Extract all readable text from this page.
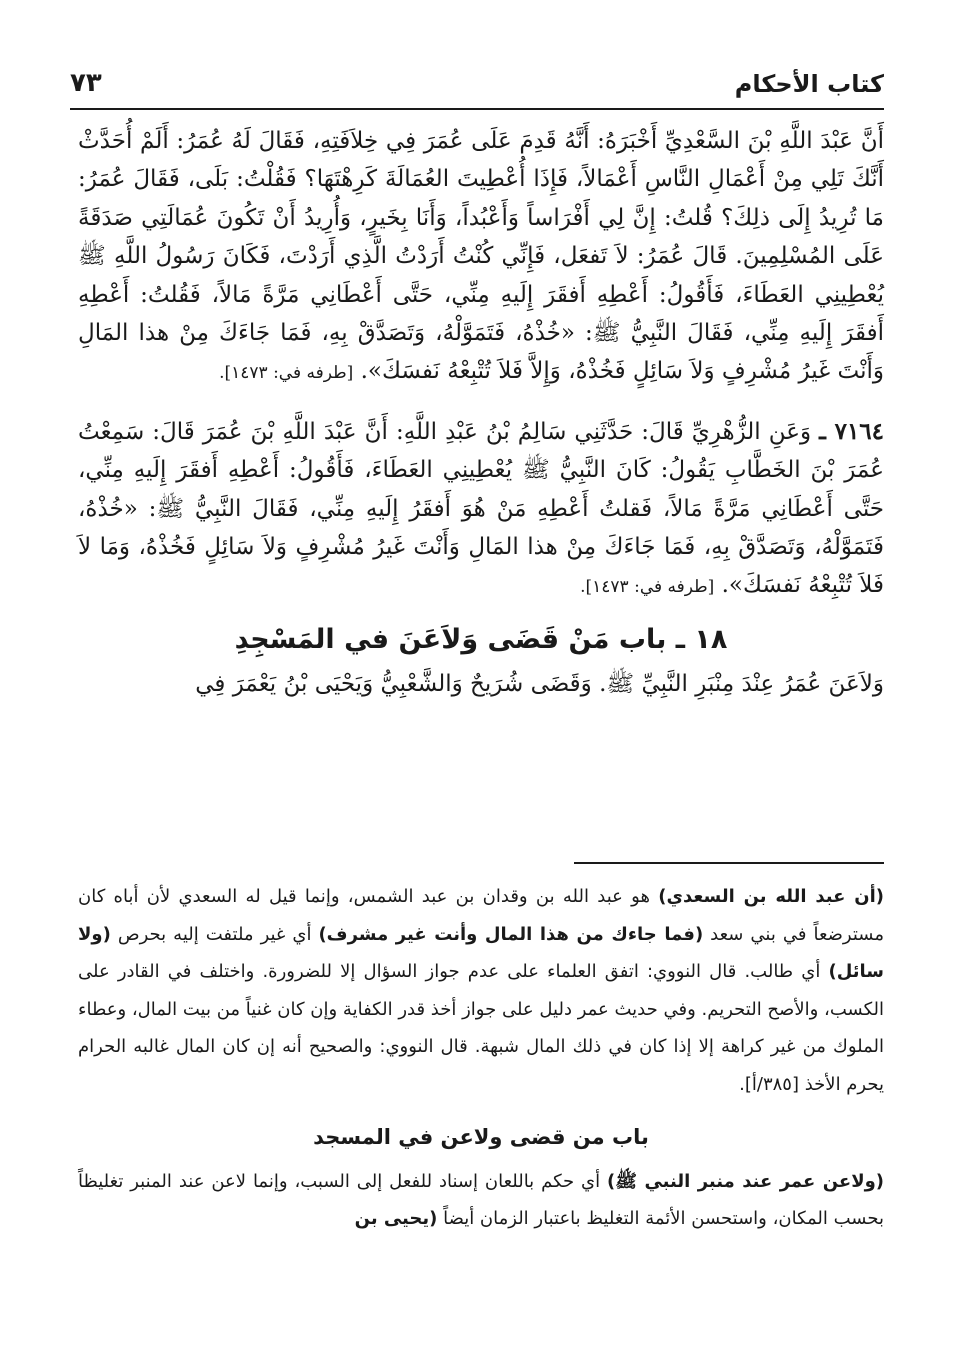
كتاب الأحكام
٧٣

أَنَّ عَبْدَ اللَّهِ بْنَ السَّعْدِيِّ أَخْبَرَهُ: أَنَّهُ قَدِمَ عَلَى عُمَرَ فِي خِلاَفَتِهِ، فَقَالَ لَهُ عُمَرُ: أَلَمْ أُحَدَّثْ أَنَّكَ تَلِي مِنْ أَعْمَالِ النَّاسِ أَعْمَالاً، فَإِذَا أُعْطِيتَ العُمَالَةَ كَرِهْتَهَا؟ فَقُلْتُ: بَلَى، فَقَالَ عُمَرُ: مَا تُرِيدُ إِلَى ذلِكَ؟ قُلتُ: إِنَّ لِي أَفْرَاساً وَأَعْبُداً، وَأَنَا بِخَيرٍ، وَأُرِيدُ أَنْ تَكُونَ عُمَالَتِي صَدَقَةً عَلَى المُسْلِمِينَ. قَالَ عُمَرُ: لاَ تَفعَل، فَإِنِّي كُنْتُ أَرَدْتُ الَّذِي أَرَدْتَ، فَكَانَ رَسُولُ اللَّهِ ﷺ يُعْطِينِي العَطَاءَ، فَأَقُولُ: أَعْطِهِ أَفقَرَ إِلَيهِ مِنِّي، حَتَّى أَعْطَانِي مَرَّةً مَالاً، فَقُلتُ: أَعْطِهِ أَفقَرَ إِلَيهِ مِنِّي، فَقَالَ النَّبِيُّ ﷺ: «خُذْهُ، فَتَمَوَّلْهُ، وَتَصَدَّقْ بِهِ، فَمَا جَاءَكَ مِنْ هذا المَالِ وَأَنْتَ غَيرُ مُشْرِفٍ وَلاَ سَائِلٍ فَخُذْهُ، وَإِلاَّ فَلاَ تُتْبِعْهُ نَفسَكَ». [طرفه في: ١٤٧٣].

٧١٦٤ ـ وَعَنِ الزُّهْرِيِّ قَالَ: حَدَّثَنِي سَالِمُ بْنُ عَبْدِ اللَّهِ: أَنَّ عَبْدَ اللَّهِ بْنَ عُمَرَ قَالَ: سَمِعْتُ عُمَرَ بْنَ الخَطَّابِ يَقُولُ: كَانَ النَّبِيُّ ﷺ يُعْطِينِي العَطَاءَ، فَأَقُولُ: أَعْطِهِ أَفقَرَ إِلَيهِ مِنِّي، حَتَّى أَعْطَانِي مَرَّةً مَالاً، فَقلتُ أَعْطِهِ مَنْ هُوَ أَفقَرُ إِلَيهِ مِنِّي، فَقَالَ النَّبِيُّ ﷺ: «خُذْهُ، فَتَمَوَّلْهُ، وَتَصَدَّقْ بِهِ، فَمَا جَاءَكَ مِنْ هذا المَالِ وَأَنْتَ غَيرُ مُشْرِفٍ وَلاَ سَائِلٍ فَخُذْهُ، وَمَا لاَ فَلاَ تُتْبِعْهُ نَفسَكَ». [طرفه في: ١٤٧٣].

١٨ ـ باب مَنْ قَضَى وَلاَعَنَ في المَسْجِدِ

وَلاَعَنَ عُمَرُ عِنْدَ مِنْبَرِ النَّبِيِّ ﷺ. وَقَضَى شُرَيحٌ وَالشَّعْبِيُّ وَيَحْيَى بْنُ يَعْمَرَ فِي

(أن عبد الله بن السعدي) هو عبد الله بن وقدان بن عبد الشمس، وإنما قيل له السعدي لأن أباه كان مسترضعاً في بني سعد (فما جاءك من هذا المال وأنت غير مشرف) أي غير ملتفت إليه بحرص (ولا سائل) أي طالب. قال النووي: اتفق العلماء على عدم جواز السؤال إلا للضرورة. واختلف في القادر على الكسب، والأصح التحريم. وفي حديث عمر دليل على جواز أخذ قدر الكفاية وإن كان غنياً من بيت المال، وعطاء الملوك من غير كراهة إلا إذا كان في ذلك المال شبهة. قال النووي: والصحيح أنه إن كان المال غالبه الحرام يحرم الأخذ [٣٨٥/أ].

باب من قضى ولاعن في المسجد

(ولاعن عمر عند منبر النبي ﷺ) أي حكم باللعان إسناد للفعل إلى السبب، وإنما لاعن عند المنبر تغليظاً بحسب المكان، واستحسن الأئمة التغليظ باعتبار الزمان أيضاً (يحيى بن
